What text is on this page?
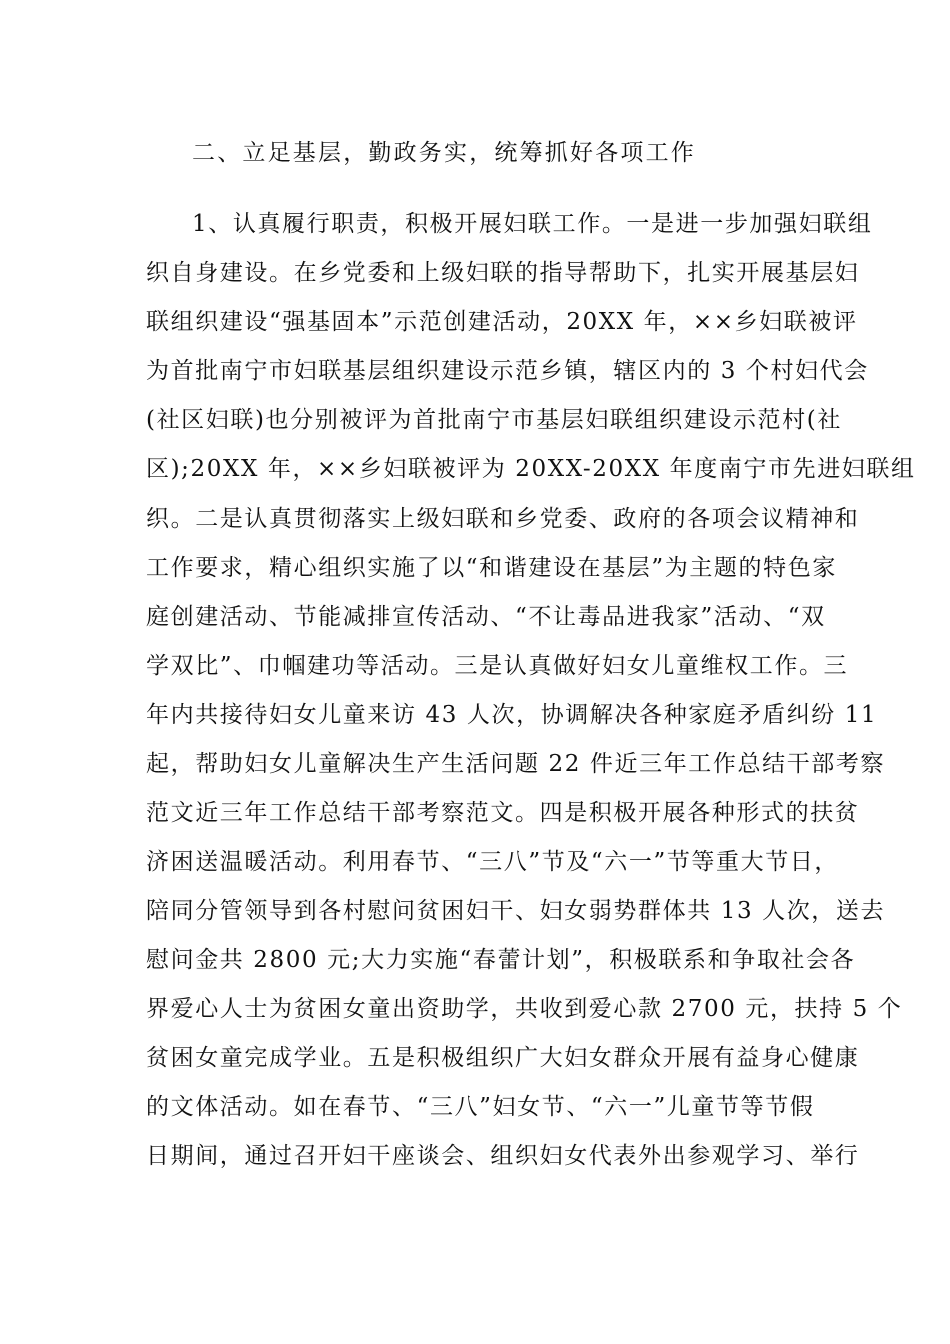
二、立足基层，勤政务实，统筹抓好各项工作
1、认真履行职责，积极开展妇联工作。一是进一步加强妇联组
织自身建设。在乡党委和上级妇联的指导帮助下，扎实开展基层妇
联组织建设“强基固本”示范创建活动，20XX 年，××乡妇联被评
为首批南宁市妇联基层组织建设示范乡镇，辖区内的 3 个村妇代会
(社区妇联)也分别被评为首批南宁市基层妇联组织建设示范村(社
区);20XX 年，××乡妇联被评为 20XX-20XX 年度南宁市先进妇联组
织。二是认真贯彻落实上级妇联和乡党委、政府的各项会议精神和
工作要求，精心组织实施了以“和谐建设在基层”为主题的特色家
庭创建活动、节能减排宣传活动、“不让毒品进我家”活动、“双
学双比”、巾帼建功等活动。三是认真做好妇女儿童维权工作。三
年内共接待妇女儿童来访 43 人次，协调解决各种家庭矛盾纠纷 11
起，帮助妇女儿童解决生产生活问题 22 件近三年工作总结干部考察
范文近三年工作总结干部考察范文。四是积极开展各种形式的扶贫
济困送温暖活动。利用春节、“三八”节及“六一”节等重大节日，
陪同分管领导到各村慰问贫困妇干、妇女弱势群体共 13 人次，送去
慰问金共 2800 元;大力实施“春蕾计划”，积极联系和争取社会各
界爱心人士为贫困女童出资助学，共收到爱心款 2700 元，扶持 5 个
贫困女童完成学业。五是积极组织广大妇女群众开展有益身心健康
的文体活动。如在春节、“三八”妇女节、“六一”儿童节等节假
日期间，通过召开妇干座谈会、组织妇女代表外出参观学习、举行
